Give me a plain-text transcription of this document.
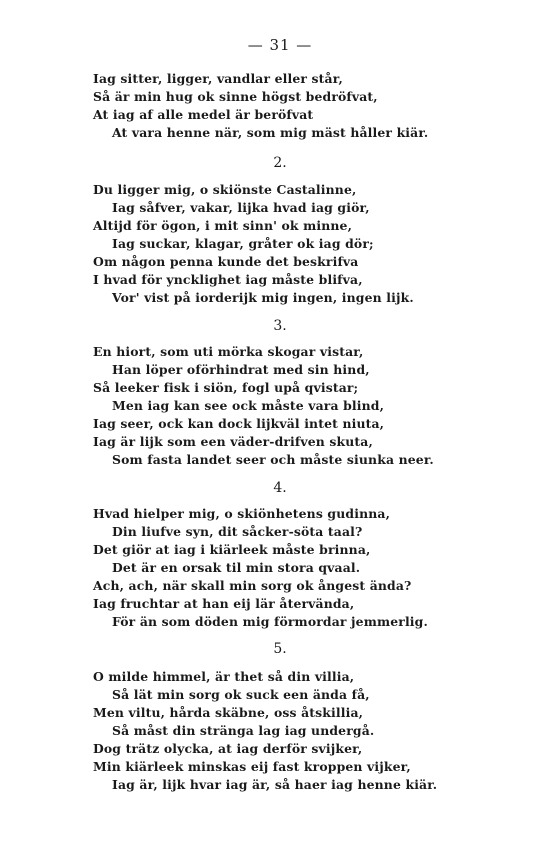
— 31 —
Iag sitter, ligger, vandlar eller står,
Så är min hug ok sinne högst bedröfvat,
At iag af alle medel är beröfvat
At vara henne när, som mig mäst håller kiär.
2.
Du ligger mig, o skiönste Castalinne,
Iag såfver, vakar, lijka hvad iag giör,
Altijd för ögon, i mit sinn' ok minne,
Iag suckar, klagar, gråter ok iag dör;
Om någon penna kunde det beskrifva
I hvad för yncklighet iag måste blifva,
Vor' vist på iorderijk mig ingen, ingen lijk.
3.
En hiort, som uti mörka skogar vistar,
Han löper oförhindrat med sin hind,
Så leeker fisk i siön, fogl upå qvistar;
Men iag kan see ock måste vara blind,
Iag seer, ock kan dock lijkväl intet niuta,
Iag är lijk som een väder-drifven skuta,
Som fasta landet seer och måste siunka neer.
4.
Hvad hielper mig, o skiönhetens gudinna,
Din liufve syn, dit såcker-söta taal?
Det giör at iag i kiärleek måste brinna,
Det är en orsak til min stora qvaal.
Ach, ach, när skall min sorg ok ångest ända?
Iag fruchtar at han eij lär återvända,
För än som döden mig förmordar jemmerlig.
5.
O milde himmel, är thet så din villia,
Så lät min sorg ok suck een ända få,
Men viltu, hårda skäbne, oss åtskillia,
Så måst din stränga lag iag undergå.
Dog trätz olycka, at iag derför svijker,
Min kiärleek minskas eij fast kroppen vijker,
Iag är, lijk hvar iag är, så haer iag henne kiär.
